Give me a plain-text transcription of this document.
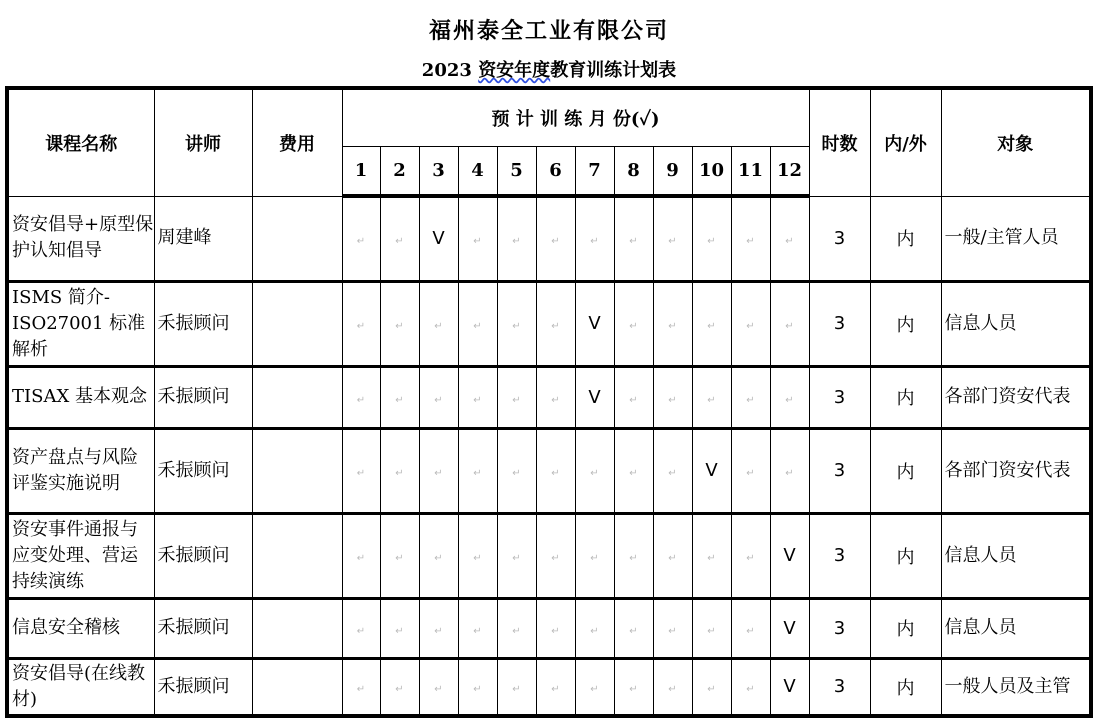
福州泰全工业有限公司
2023 资安年度教育训练计划表
课程名称	讲师	费用	预 计 训 练 月 份(✓)												时数	内/外	对象
			1	2	3	4	5	6	7	8	9	10	11	12			
资安倡导+原型保护认知倡导	周建峰		↵	↵	V	↵	↵	↵	↵	↵	↵	↵	↵	↵	3	内	一般/主管人员
ISMS 简介-ISO27001 标准解析	禾振顾问		↵	↵	↵	↵	↵	↵	V	↵	↵	↵	↵	↵	3	内	信息人员
TISAX 基本观念	禾振顾问		↵	↵	↵	↵	↵	↵	V	↵	↵	↵	↵	↵	3	内	各部门资安代表
资产盘点与风险评鉴实施说明	禾振顾问		↵	↵	↵	↵	↵	↵	↵	↵	↵	V	↵	↵	3	内	各部门资安代表
资安事件通报与应变处理、营运持续演练	禾振顾问		↵	↵	↵	↵	↵	↵	↵	↵	↵	↵	↵	V	3	内	信息人员
信息安全稽核	禾振顾问		↵	↵	↵	↵	↵	↵	↵	↵	↵	↵	↵	V	3	内	信息人员
资安倡导(在线教材)	禾振顾问		↵	↵	↵	↵	↵	↵	↵	↵	↵	↵	↵	V	3	内	一般人员及主管
